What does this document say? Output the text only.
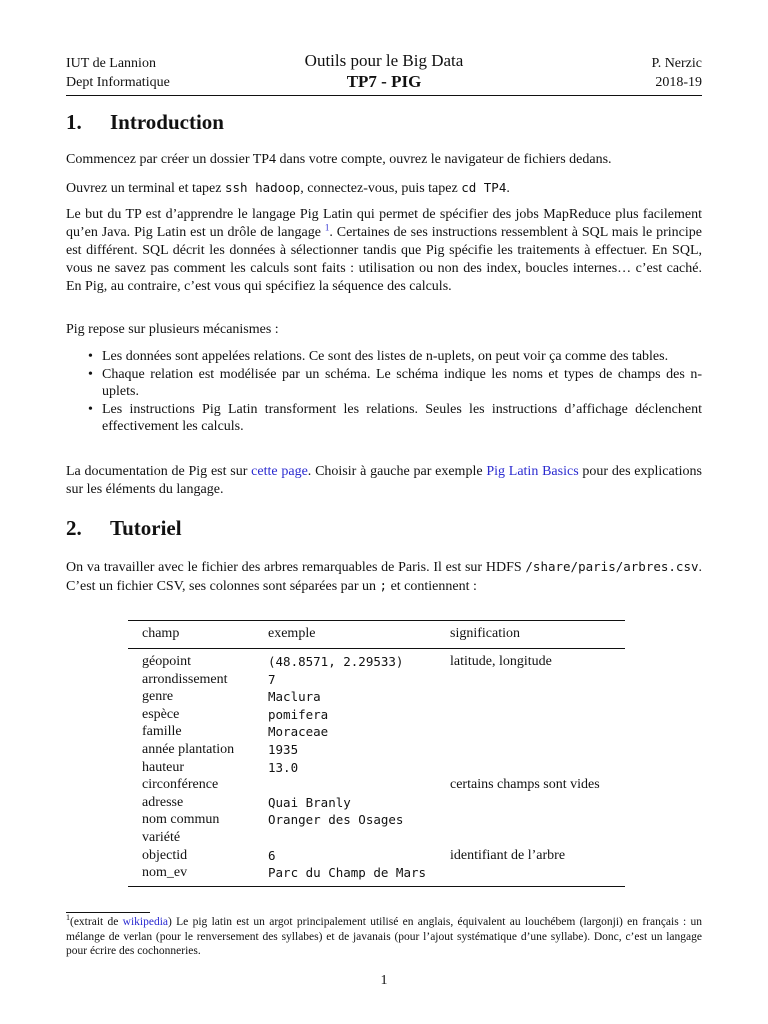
IUT de Lannion
Dept Informatique
Outils pour le Big Data
TP7 - PIG
P. Nerzic
2018-19
1. Introduction

Commencez par créer un dossier TP4 dans votre compte, ouvrez le navigateur de fichiers dedans.

Ouvrez un terminal et tapez ssh hadoop, connectez-vous, puis tapez cd TP4.

Le but du TP est d’apprendre le langage Pig Latin qui permet de spécifier des jobs MapReduce plus facilement qu’en Java. Pig Latin est un drôle de langage $^1$. Certaines de ses instructions ressemblent à SQL mais le principe est différent. SQL décrit les données à sélectionner tandis que Pig spécifie les traitements à effectuer. En SQL, vous ne savez pas comment les calculs sont faits : utilisation ou non des index, boucles internes… c’est caché. En Pig, au contraire, c’est vous qui spécifiez la séquence des calculs.

Pig repose sur plusieurs mécanismes :

• Les données sont appelées relations. Ce sont des listes de n-uplets, on peut voir ça comme des tables.
• Chaque relation est modélisée par un schéma. Le schéma indique les noms et types de champs des n-uplets.
• Les instructions Pig Latin transforment les relations. Seules les instructions d’affichage déclenchent effectivement les calculs.

La documentation de Pig est sur cette page. Choisir à gauche par exemple Pig Latin Basics pour des explications sur les éléments du langage.

2. Tutoriel

On va travailler avec le fichier des arbres remarquables de Paris. Il est sur HDFS /share/paris/arbres.csv. C’est un fichier CSV, ses colonnes sont séparées par un ; et contiennent :

champ	exemple	signification
géopoint	(48.8571, 2.29533)	latitude, longitude
arrondissement	7	
genre	Maclura	
espèce	pomifera	
famille	Moraceae	
année plantation	1935	
hauteur	13.0	
circonférence		certains champs sont vides
adresse	Quai Branly	
nom commun	Oranger des Osages	
variété		
objectid	6	identifiant de l’arbre
nom_ev	Parc du Champ de Mars	

$^1$(extrait de wikipedia) Le pig latin est un argot principalement utilisé en anglais, équivalent au louchébem (largonji) en français : un mélange de verlan (pour le renversement des syllabes) et de javanais (pour l’ajout systématique d’une syllabe). Donc, c’est un langage pour écrire des cochonneries.

1
